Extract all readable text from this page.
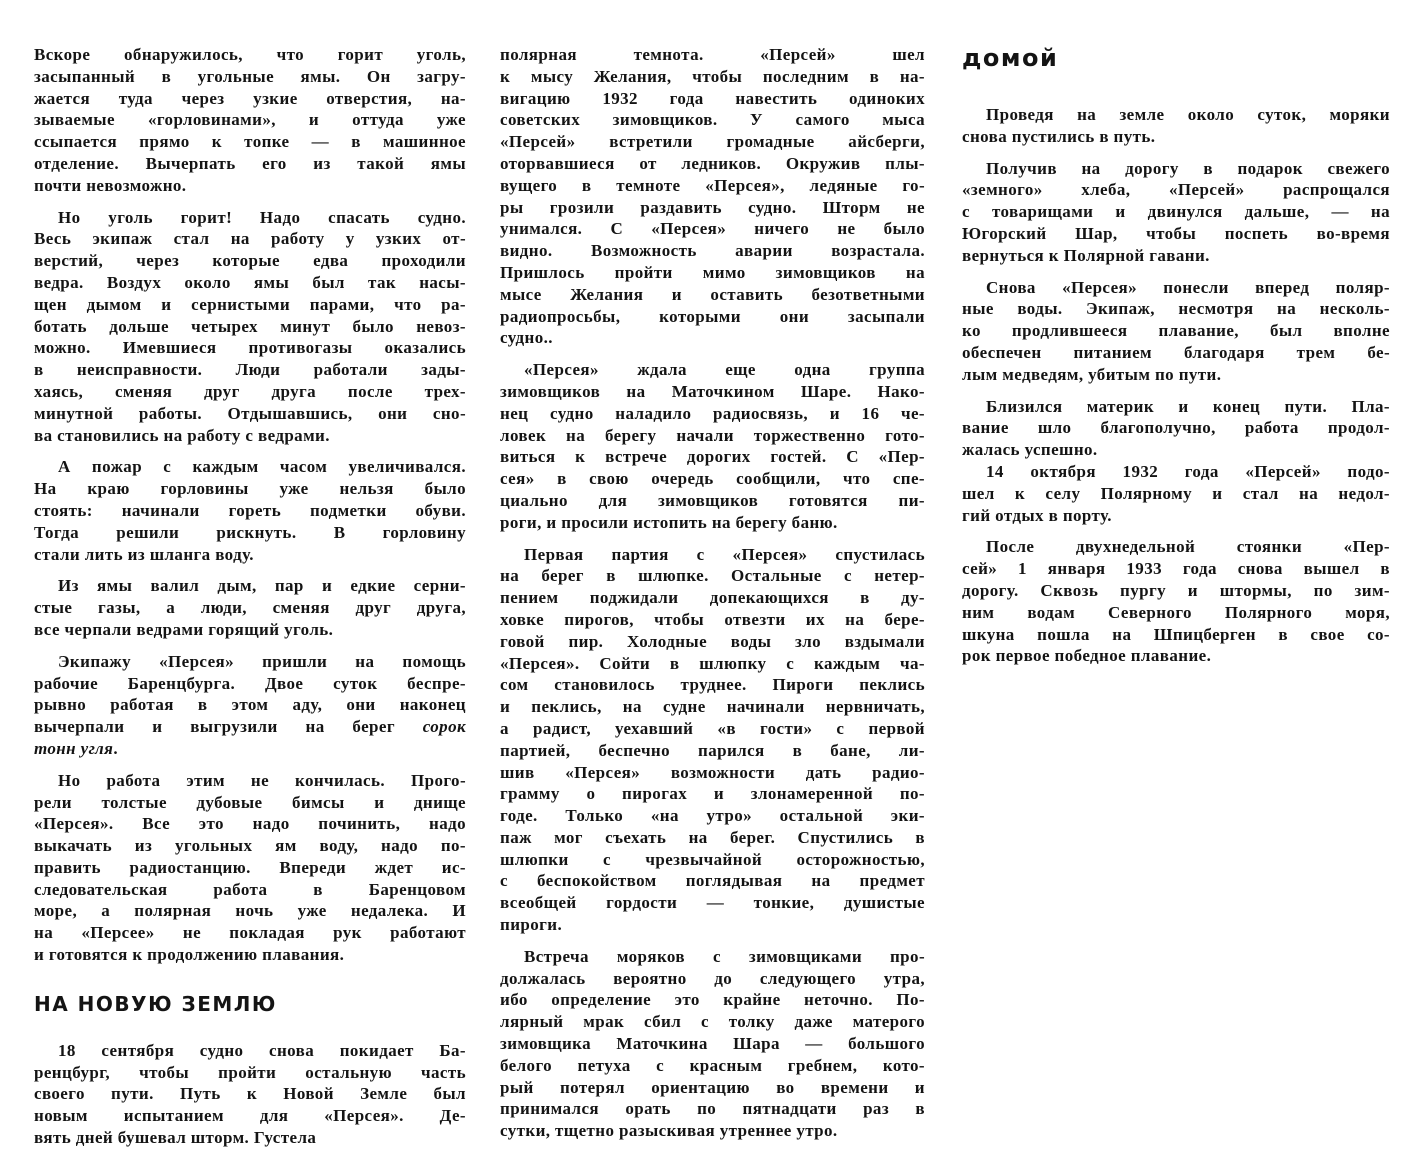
Вскоре обнаружилось, что горит уголь,
засыпанный в угольные ямы. Он загру-
жается туда через узкие отверстия, на-
зываемые «горловинами», и оттуда уже
ссыпается прямо к топке — в машинное
отделение. Вычерпать его из такой ямы
почти невозможно.
Но уголь горит! Надо спасать судно.
Весь экипаж стал на работу у узких от-
верстий, через которые едва проходили
ведра. Воздух около ямы был так насы-
щен дымом и сернистыми парами, что ра-
ботать дольше четырех минут было невоз-
можно. Имевшиеся противогазы оказались
в неисправности. Люди работали зады-
хаясь, сменяя друг друга после трех-
минутной работы. Отдышавшись, они сно-
ва становились на работу с ведрами.
А пожар с каждым часом увеличивался.
На краю горловины уже нельзя было
стоять: начинали гореть подметки обуви.
Тогда решили рискнуть. В горловину
стали лить из шланга воду.
Из ямы валил дым, пар и едкие серни-
стые газы, а люди, сменяя друг друга,
все черпали ведрами горящий уголь.
Экипажу «Персея» пришли на помощь
рабочие Баренцбурга. Двое суток беспре-
рывно работая в этом аду, они наконец
вычерпали и выгрузили на берег сорок
тонн угля.
Но работа этим не кончилась. Прого-
рели толстые дубовые бимсы и днище
«Персея». Все это надо починить, надо
выкачать из угольных ям воду, надо по-
править радиостанцию. Впереди ждет ис-
следовательская работа в Баренцовом
море, а полярная ночь уже недалека. И
на «Персее» не покладая рук работают
и готовятся к продолжению плавания.
НА НОВУЮ ЗЕМЛЮ
18 сентября судно снова покидает Ба-
ренцбург, чтобы пройти остальную часть
своего пути. Путь к Новой Земле был
новым испытанием для «Персея». Де-
вять дней бушевал шторм. Густела
полярная темнота. «Персей» шел
к мысу Желания, чтобы последним в на-
вигацию 1932 года навестить одиноких
советских зимовщиков. У самого мыса
«Персей» встретили громадные айсберги,
оторвавшиеся от ледников. Окружив плы-
вущего в темноте «Персея», ледяные го-
ры грозили раздавить судно. Шторм не
унимался. С «Персея» ничего не было
видно. Возможность аварии возрастала.
Пришлось пройти мимо зимовщиков на
мысе Желания и оставить безответными
радиопросьбы, которыми они засыпали
судно..
«Персея» ждала еще одна группа
зимовщиков на Маточкином Шаре. Нако-
нец судно наладило радиосвязь, и 16 че-
ловек на берегу начали торжественно гото-
виться к встрече дорогих гостей. С «Пер-
сея» в свою очередь сообщили, что спе-
циально для зимовщиков готовятся пи-
роги, и просили истопить на берегу баню.
Первая партия с «Персея» спустилась
на берег в шлюпке. Остальные с нетер-
пением поджидали допекающихся в ду-
ховке пирогов, чтобы отвезти их на бере-
говой пир. Холодные воды зло вздымали
«Персея». Сойти в шлюпку с каждым ча-
сом становилось труднее. Пироги пеклись
и пеклись, на судне начинали нервничать,
а радист, уехавший «в гости» с первой
партией, беспечно парился в бане, ли-
шив «Персея» возможности дать радио-
грамму о пирогах и злонамеренной по-
годе. Только «на утро» остальной эки-
паж мог съехать на берег. Спустились в
шлюпки с чрезвычайной осторожностью,
с беспокойством поглядывая на предмет
всеобщей гордости — тонкие, душистые
пироги.
Встреча моряков с зимовщиками про-
должалась вероятно до следующего утра,
ибо определение это крайне неточно. По-
лярный мрак сбил с толку даже матерого
зимовщика Маточкина Шара — большого
белого петуха с красным гребнем, кото-
рый потерял ориентацию во времени и
принимался орать по пятнадцати раз в
сутки, тщетно разыскивая утреннее утро.
домой
Проведя на земле около суток, моряки
снова пустились в путь.
Получив на дорогу в подарок свежего
«земного» хлеба, «Персей» распрощался
с товарищами и двинулся дальше, — на
Югорский Шар, чтобы поспеть во-время
вернуться к Полярной гавани.
Снова «Персея» понесли вперед поляр-
ные воды. Экипаж, несмотря на несколь-
ко продлившееся плавание, был вполне
обеспечен питанием благодаря трем бе-
лым медведям, убитым по пути.
Близился материк и конец пути. Пла-
вание шло благополучно, работа продол-
жалась успешно.
14 октября 1932 года «Персей» подо-
шел к селу Полярному и стал на недол-
гий отдых в порту.
После двухнедельной стоянки «Пер-
сей» 1 января 1933 года снова вышел в
дорогу. Сквозь пургу и штормы, по зим-
ним водам Северного Полярного моря,
шкуна пошла на Шпицберген в свое со-
рок первое победное плавание.
